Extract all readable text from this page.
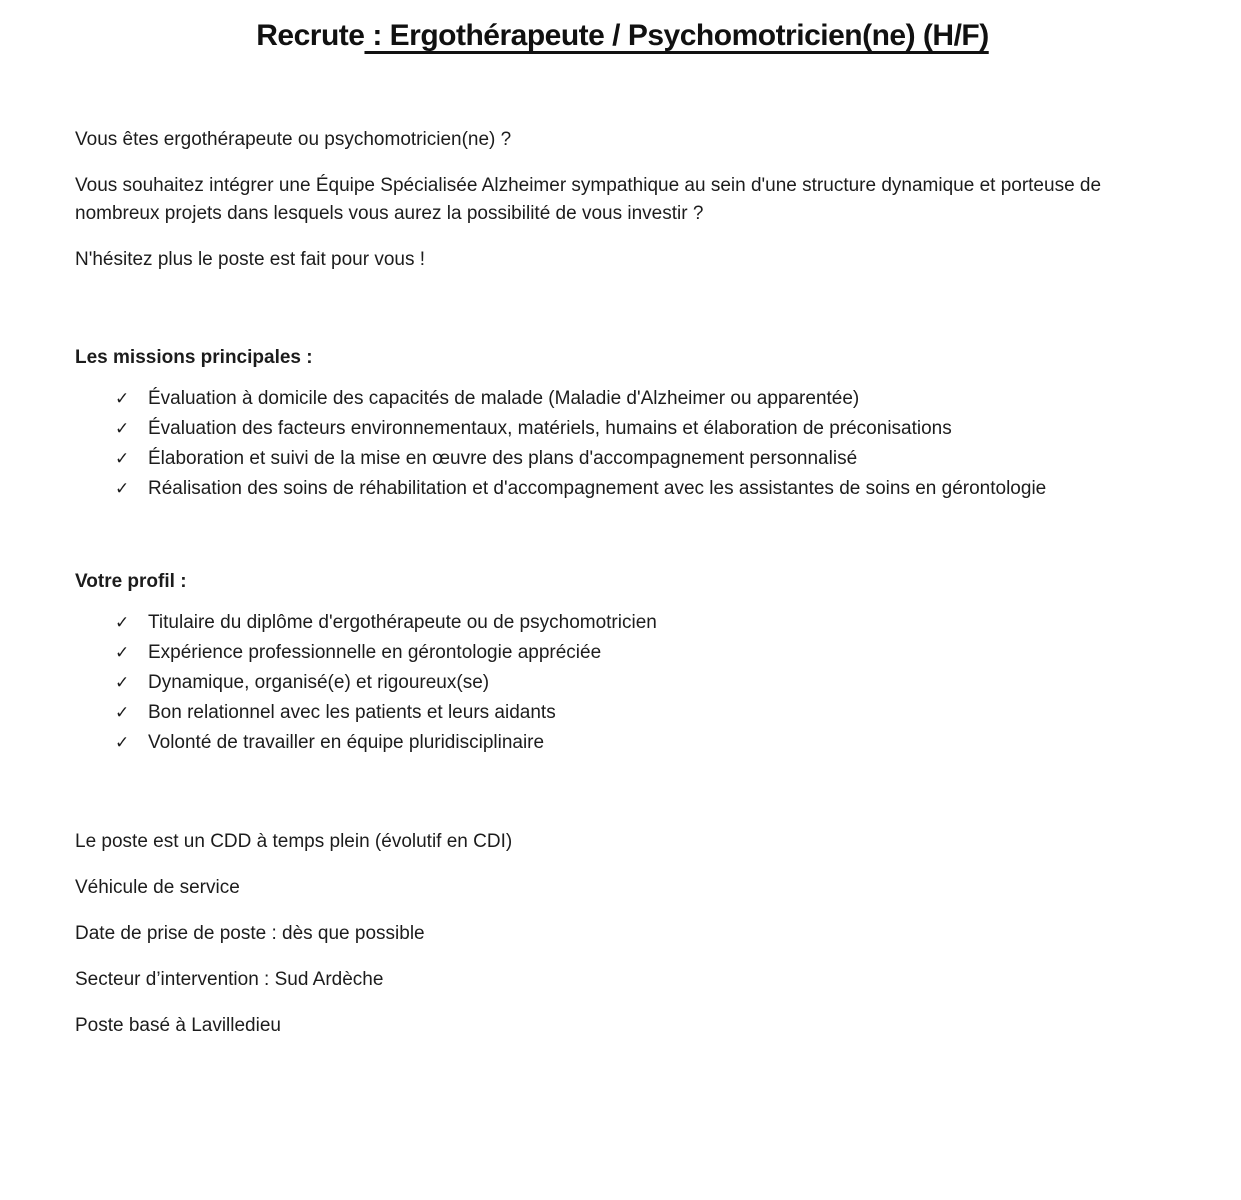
Recrute : Ergothérapeute / Psychomotricien(ne) (H/F)

Vous êtes ergothérapeute ou psychomotricien(ne) ?

Vous souhaitez intégrer une Équipe Spécialisée Alzheimer sympathique au sein d'une structure dynamique et porteuse de nombreux projets dans lesquels vous aurez la possibilité de vous investir ?

N'hésitez plus le poste est fait pour vous !

Les missions principales :
✓ Évaluation à domicile des capacités de malade (Maladie d'Alzheimer ou apparentée)
✓ Évaluation des facteurs environnementaux, matériels, humains et élaboration de préconisations
✓ Élaboration et suivi de la mise en œuvre des plans d'accompagnement personnalisé
✓ Réalisation des soins de réhabilitation et d'accompagnement avec les assistantes de soins en gérontologie
Votre profil :
✓ Titulaire du diplôme d'ergothérapeute ou de psychomotricien
✓ Expérience professionnelle en gérontologie appréciée
✓ Dynamique, organisé(e) et rigoureux(se)
✓ Bon relationnel avec les patients et leurs aidants
✓ Volonté de travailler en équipe pluridisciplinaire

Le poste est un CDD à temps plein (évolutif en CDI)

Véhicule de service

Date de prise de poste : dès que possible

Secteur d’intervention : Sud Ardèche

Poste basé à Lavilledieu
